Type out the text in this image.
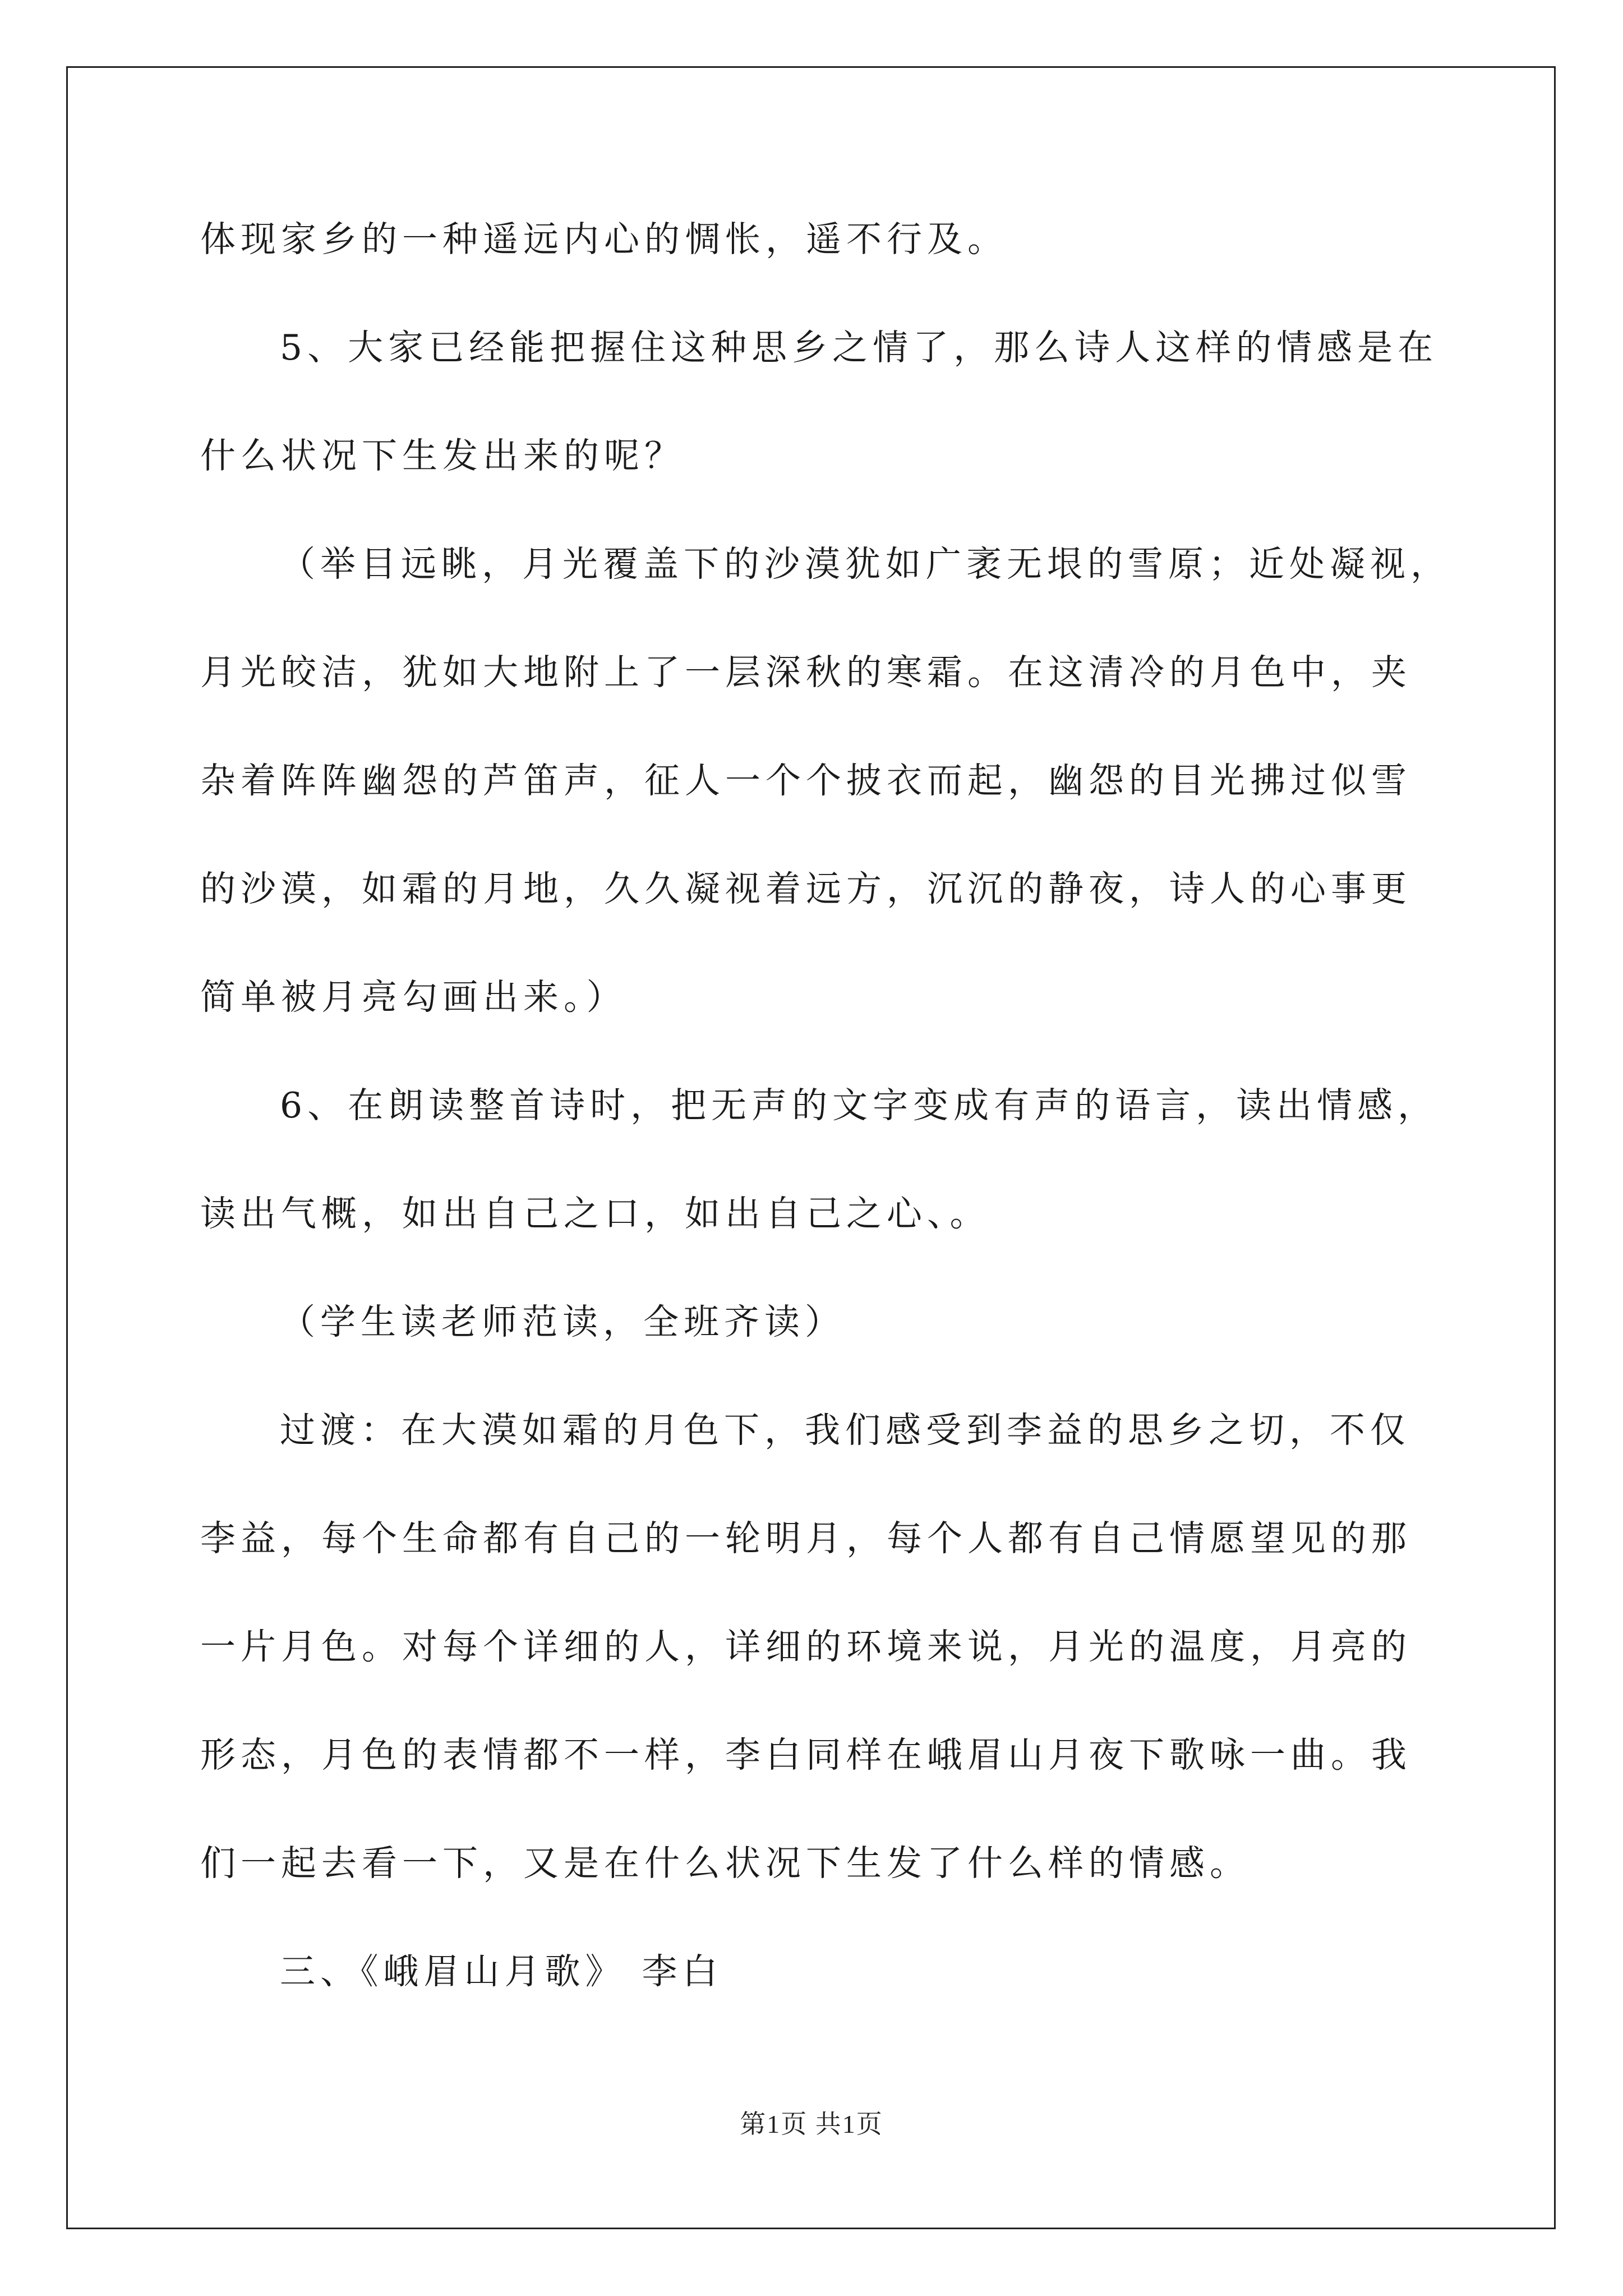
体现家乡的一种遥远内心的惆怅，遥不行及。
5、大家已经能把握住这种思乡之情了，那么诗人这样的情感是在
什么状况下生发出来的呢？
（举目远眺，月光覆盖下的沙漠犹如广袤无垠的雪原；近处凝视，
月光皎洁，犹如大地附上了一层深秋的寒霜。在这清冷的月色中，夹
杂着阵阵幽怨的芦笛声，征人一个个披衣而起，幽怨的目光拂过似雪
的沙漠，如霜的月地，久久凝视着远方，沉沉的静夜，诗人的心事更
简单被月亮勾画出来。）
6、在朗读整首诗时，把无声的文字变成有声的语言，读出情感，
读出气概，如出自己之口，如出自己之心、。
（学生读老师范读，全班齐读）
过渡：在大漠如霜的月色下，我们感受到李益的思乡之切，不仅
李益，每个生命都有自己的一轮明月，每个人都有自己情愿望见的那
一片月色。对每个详细的人，详细的环境来说，月光的温度，月亮的
形态，月色的表情都不一样，李白同样在峨眉山月夜下歌咏一曲。我
们一起去看一下，又是在什么状况下生发了什么样的情感。
三、《峨眉山月歌》 李白
第1页 共1页
